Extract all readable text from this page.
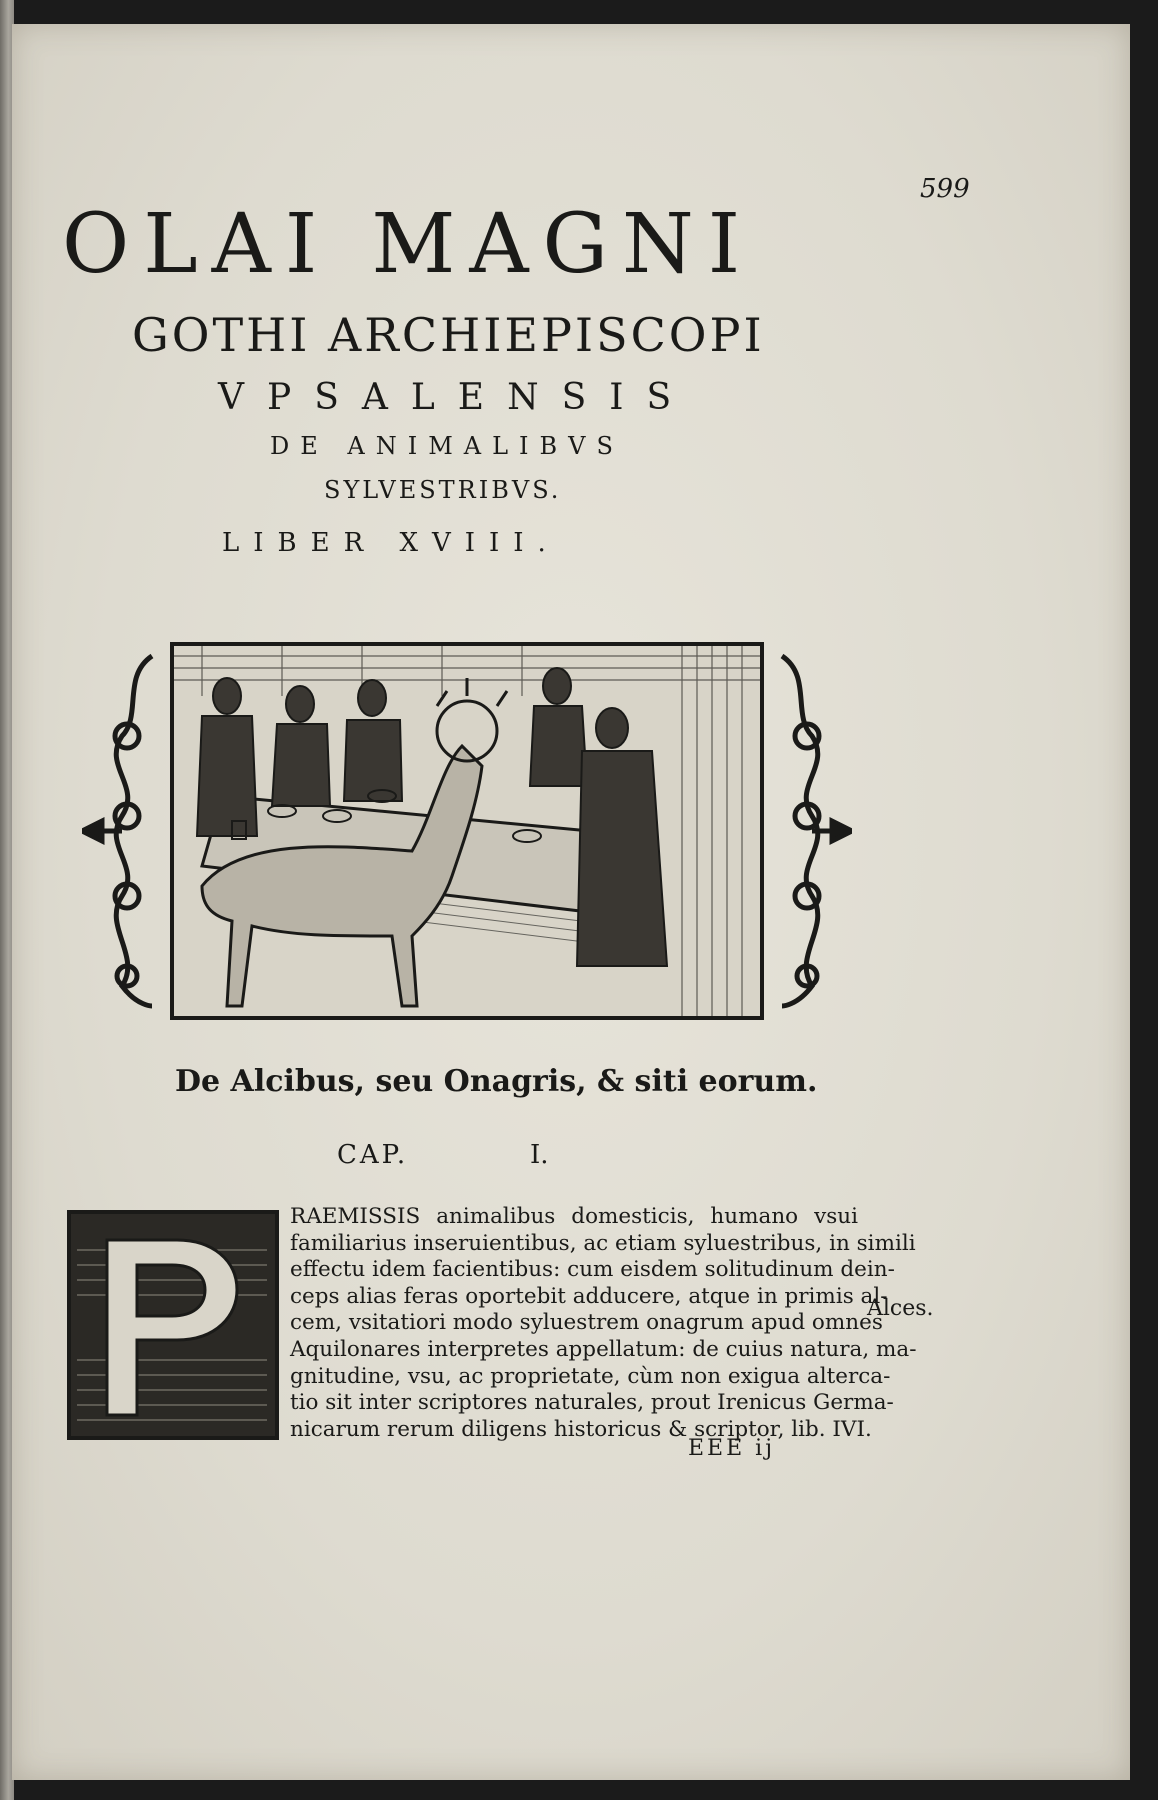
599
OLAI MAGNI
GOTHI ARCHIEPISCOPI
VPSALENSIS
DE ANIMALIBVS
SYLVESTRIBVS.
LIBER XVIII.
De Alcibus, seu Onagris, & siti eorum.
CAP.	I.
RAEMISSIS animalibus domesticis, humano vsui
familiarius inseruientibus, ac etiam syluestribus, in simili
effectu idem facientibus: cum eisdem solitudinum dein-
ceps alias feras oportebit adducere, atque in primis al-
cem, vsitatiori modo syluestrem onagrum apud omnes
Aquilonares interpretes appellatum: de cuius natura, ma-
gnitudine, vsu, ac proprietate, cùm non exigua alterca-
tio sit inter scriptores naturales, prout Irenicus Germa-
nicarum rerum diligens historicus & scriptor, lib. IVI.
Alces.
EEE ij
